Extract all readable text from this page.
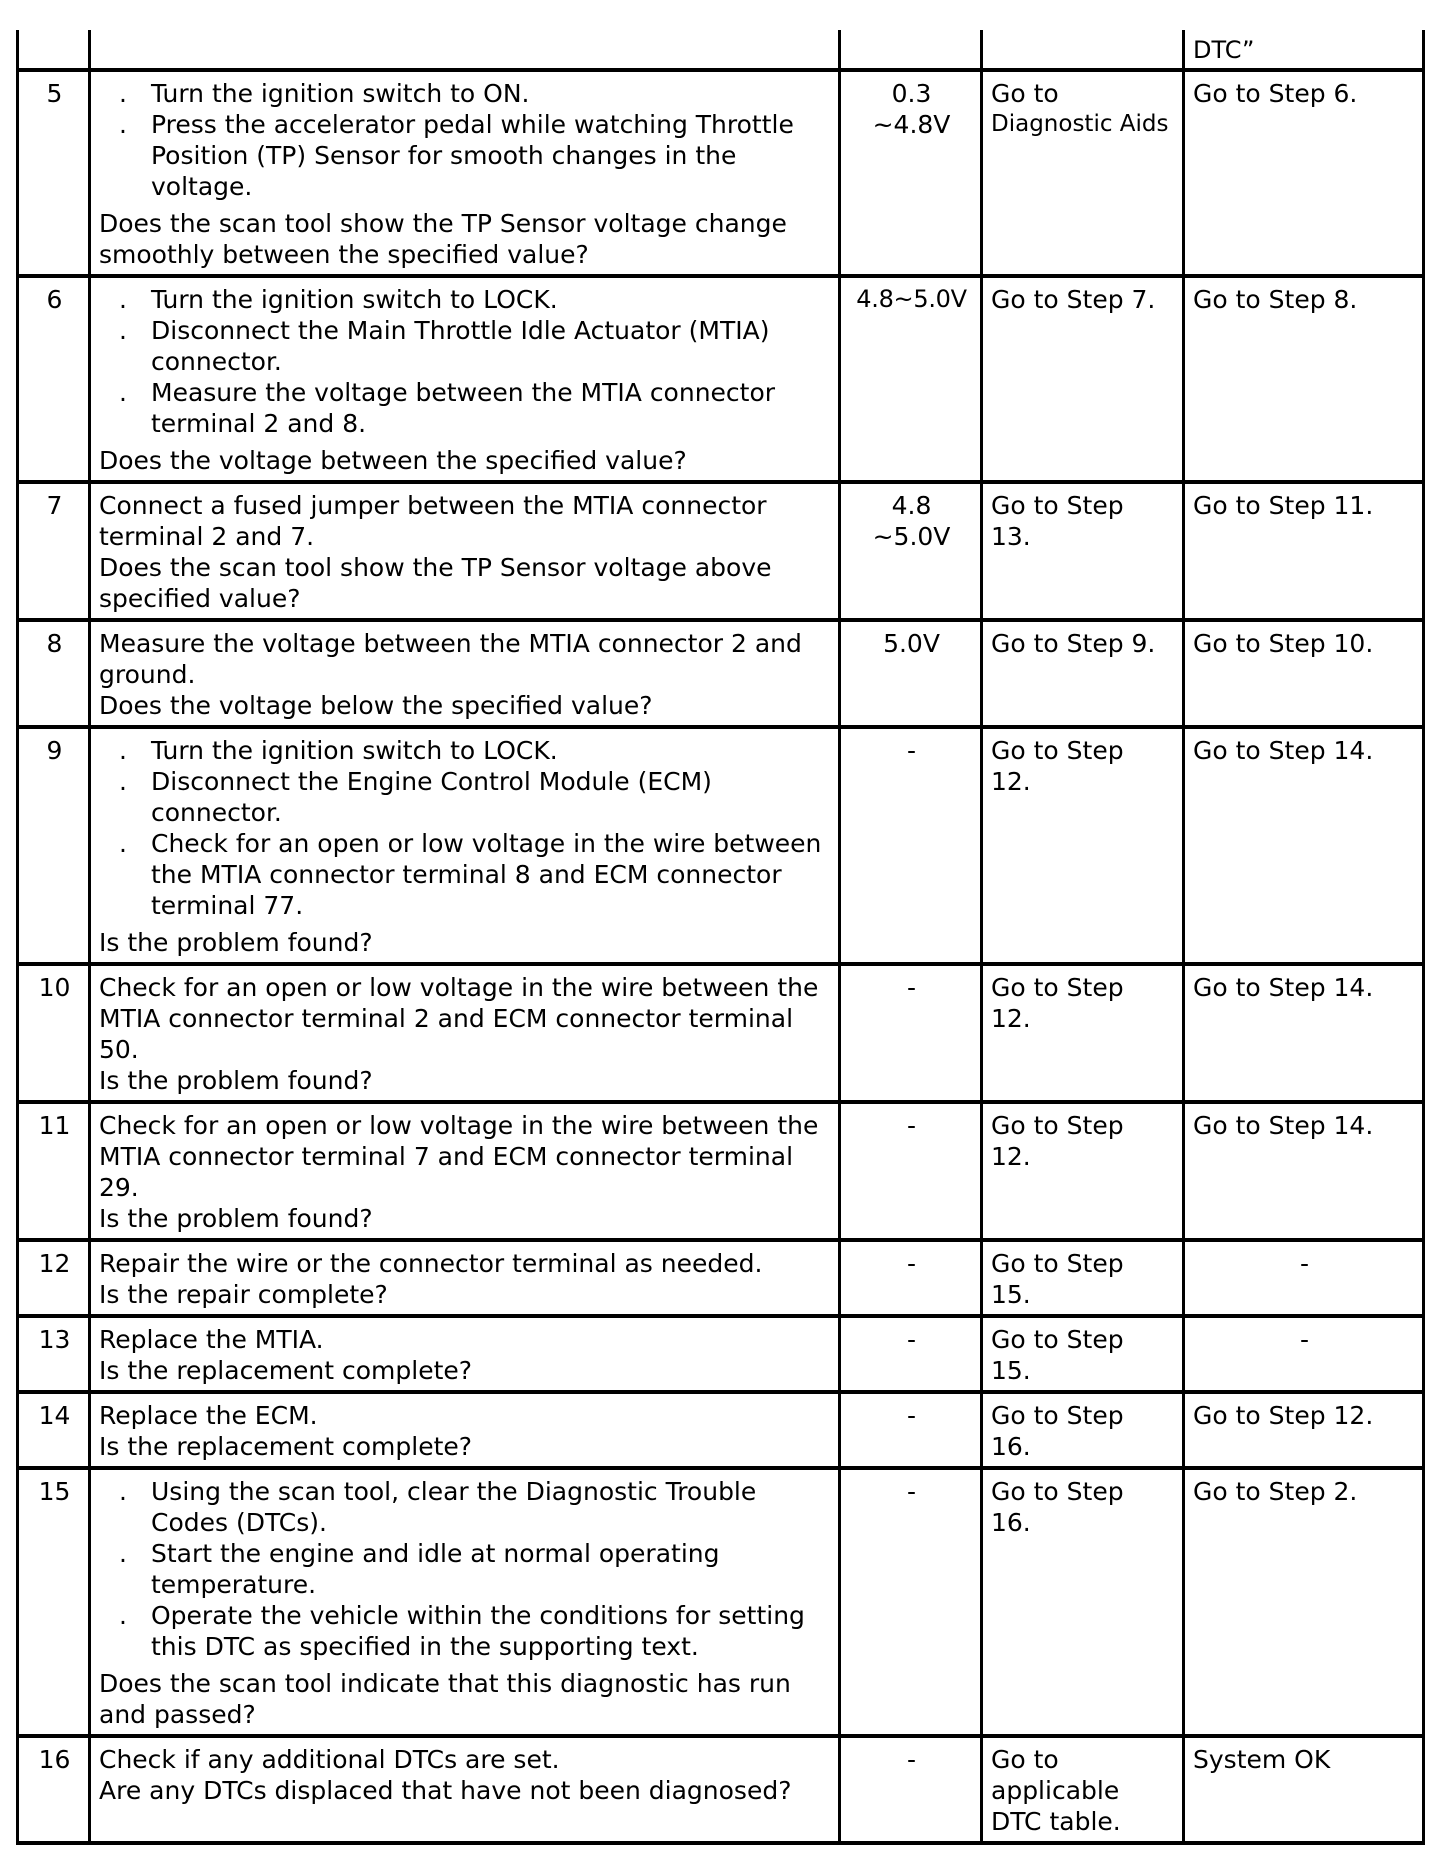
				DTC”
5	. Turn the ignition switch to ON.
. Press the accelerator pedal while watching Throttle Position (TP) Sensor for smooth changes in the voltage.
Does the scan tool show the TP Sensor voltage change smoothly between the specified value?	0.3
~4.8V	Go to
Diagnostic Aids	Go to Step 6.
6	. Turn the ignition switch to LOCK.
. Disconnect the Main Throttle Idle Actuator (MTIA) connector.
. Measure the voltage between the MTIA connector terminal 2 and 8.
Does the voltage between the specified value?	4.8~5.0V	Go to Step 7.	Go to Step 8.
7	Connect a fused jumper between the MTIA connector terminal 2 and 7.
Does the scan tool show the TP Sensor voltage above specified value?	4.8
~5.0V	Go to Step
13.	Go to Step 11.
8	Measure the voltage between the MTIA connector 2 and ground.
Does the voltage below the specified value?	5.0V	Go to Step 9.	Go to Step 10.
9	. Turn the ignition switch to LOCK.
. Disconnect the Engine Control Module (ECM) connector.
. Check for an open or low voltage in the wire between the MTIA connector terminal 8 and ECM connector terminal 77.
Is the problem found?	-	Go to Step
12.	Go to Step 14.
10	Check for an open or low voltage in the wire between the MTIA connector terminal 2 and ECM connector terminal 50.
Is the problem found?	-	Go to Step
12.	Go to Step 14.
11	Check for an open or low voltage in the wire between the MTIA connector terminal 7 and ECM connector terminal 29.
Is the problem found?	-	Go to Step
12.	Go to Step 14.
12	Repair the wire or the connector terminal as needed.
Is the repair complete?	-	Go to Step
15.	-
13	Replace the MTIA.
Is the replacement complete?	-	Go to Step
15.	-
14	Replace the ECM.
Is the replacement complete?	-	Go to Step
16.	Go to Step 12.
15	. Using the scan tool, clear the Diagnostic Trouble Codes (DTCs).
. Start the engine and idle at normal operating temperature.
. Operate the vehicle within the conditions for setting this DTC as specified in the supporting text.
Does the scan tool indicate that this diagnostic has run and passed?	-	Go to Step
16.	Go to Step 2.
16	Check if any additional DTCs are set.
Are any DTCs displaced that have not been diagnosed?	-	Go to
applicable
DTC table.	System OK
